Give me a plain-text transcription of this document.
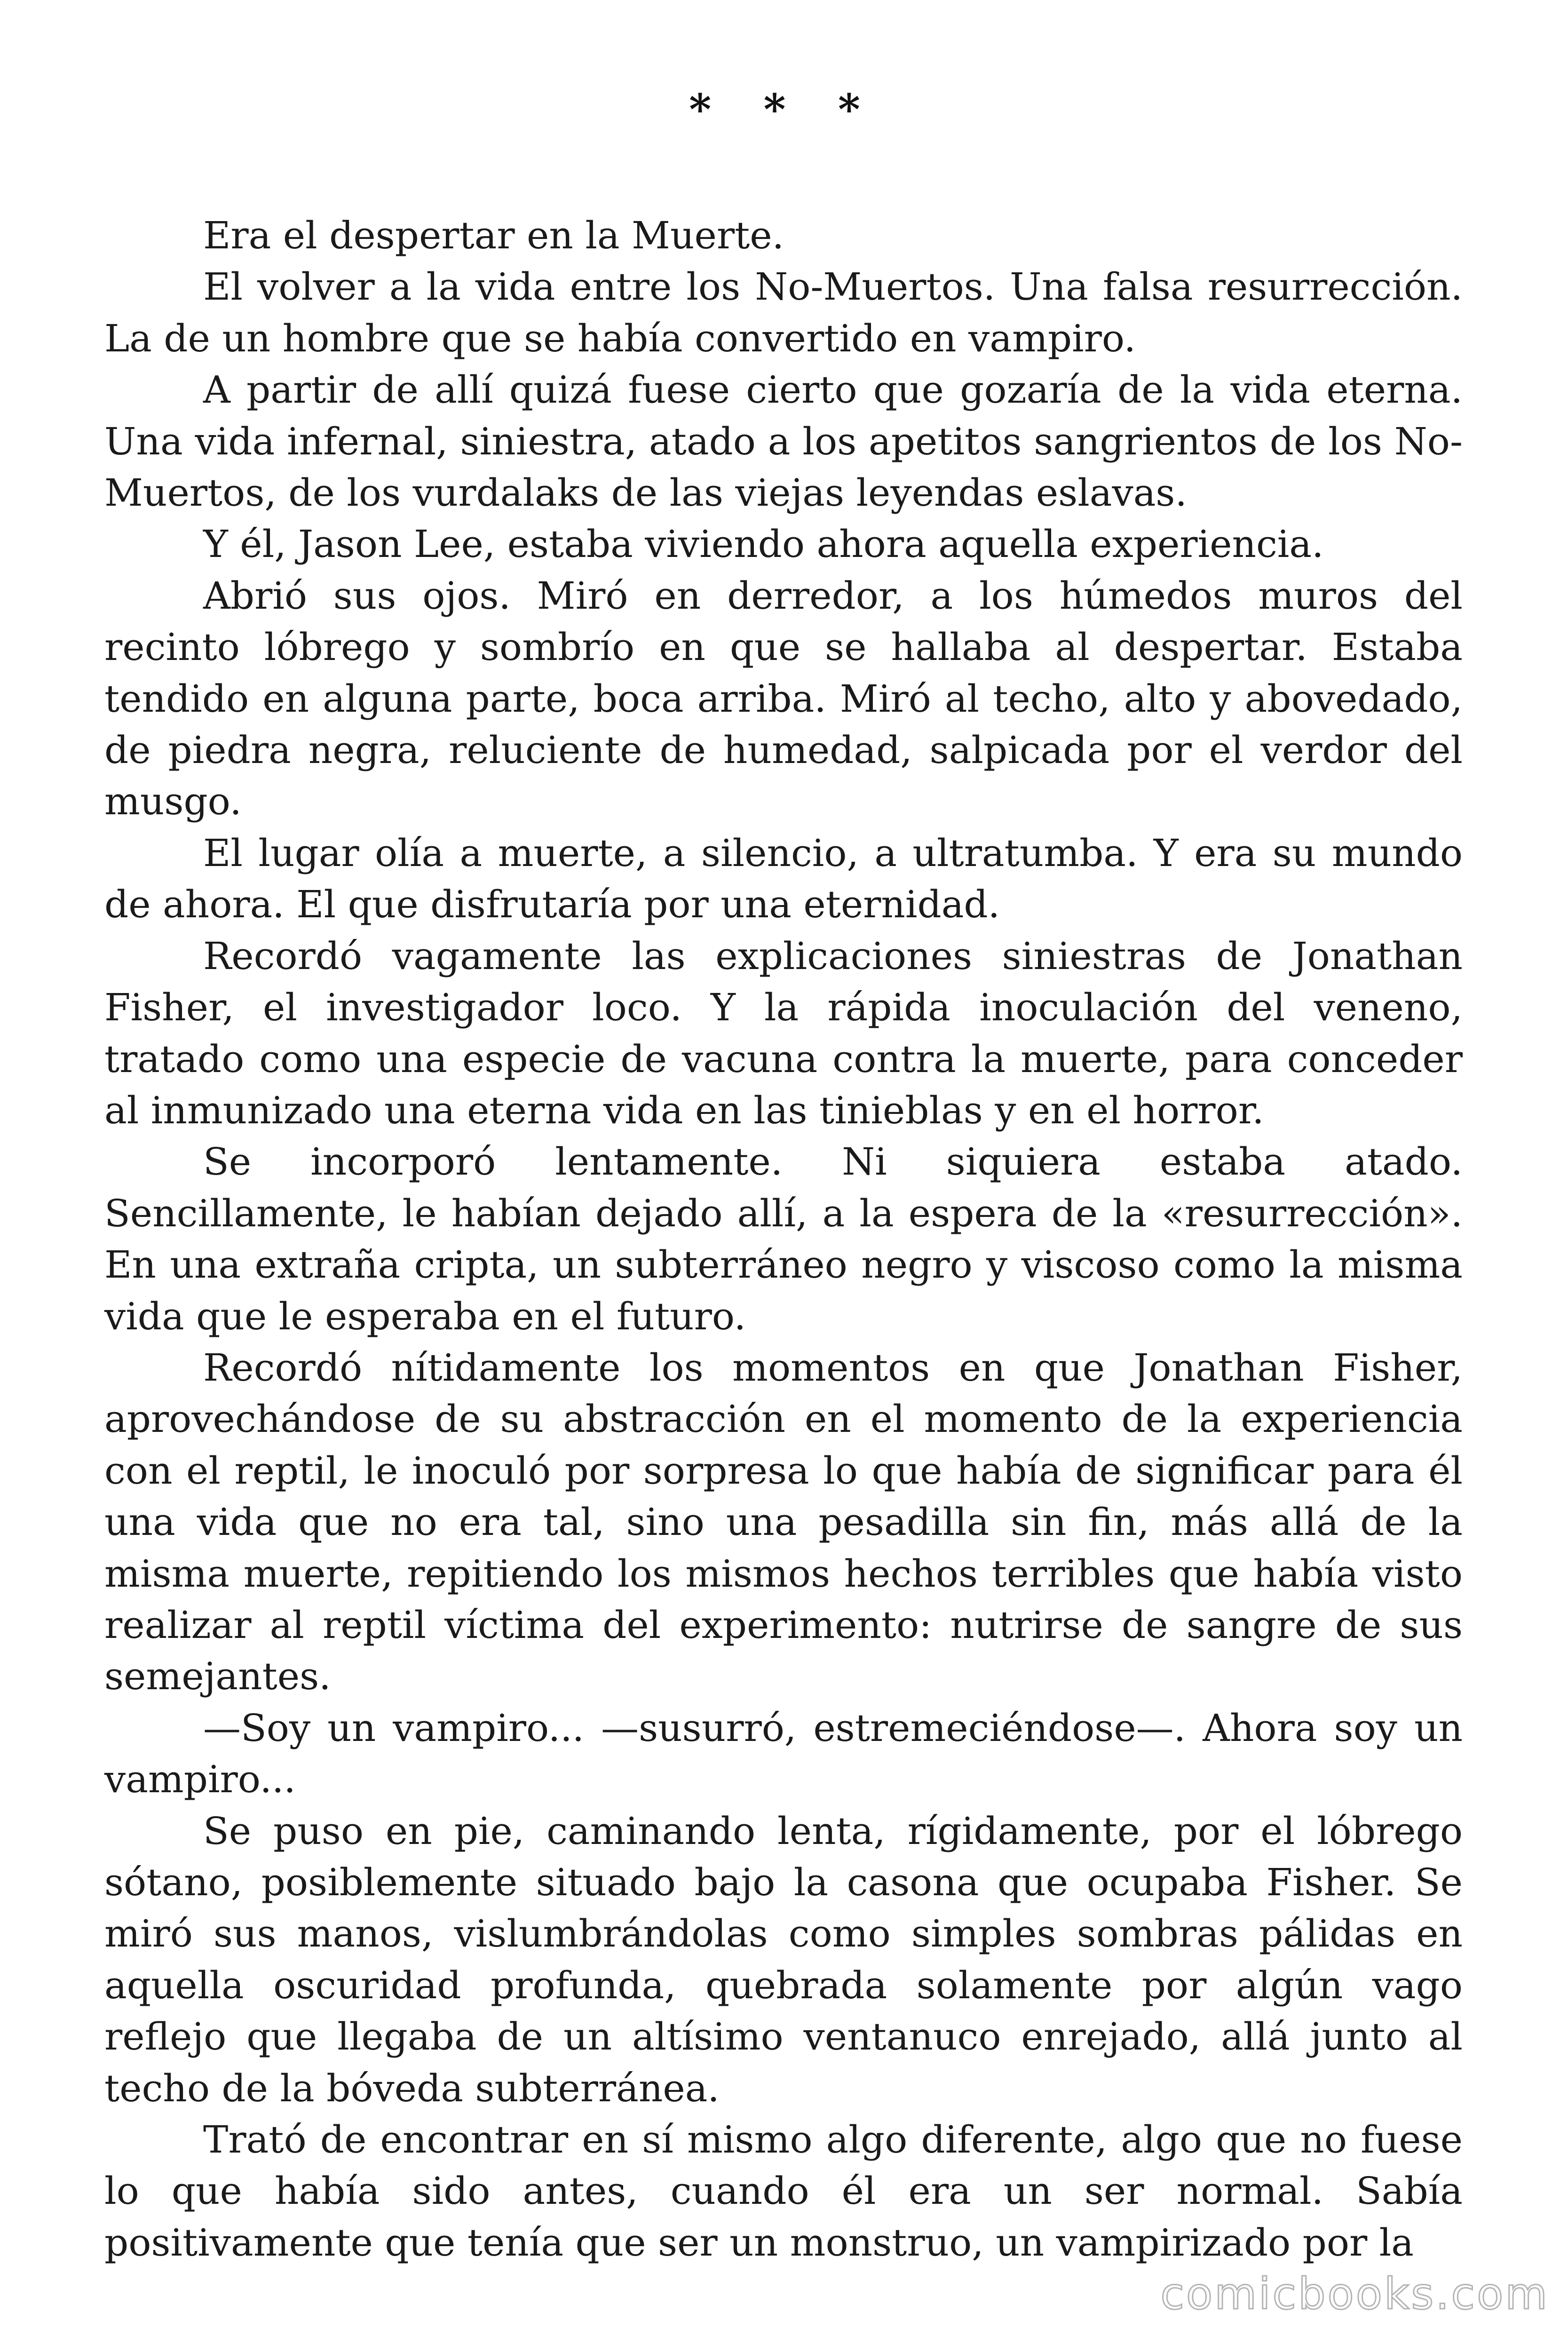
* * *

Era el despertar en la Muerte.

El volver a la vida entre los No-Muertos. Una falsa resurrección. La de un hombre que se había convertido en vampiro.

A partir de allí quizá fuese cierto que gozaría de la vida eterna. Una vida infernal, siniestra, atado a los apetitos sangrientos de los No-Muertos, de los vurdalaks de las viejas leyendas eslavas.

Y él, Jason Lee, estaba viviendo ahora aquella experiencia.

Abrió sus ojos. Miró en derredor, a los húmedos muros del recinto lóbrego y sombrío en que se hallaba al despertar. Estaba tendido en alguna parte, boca arriba. Miró al techo, alto y abovedado, de piedra negra, reluciente de humedad, salpicada por el verdor del musgo.

El lugar olía a muerte, a silencio, a ultratumba. Y era su mundo de ahora. El que disfrutaría por una eternidad.

Recordó vagamente las explicaciones siniestras de Jonathan Fisher, el investigador loco. Y la rápida inoculación del veneno, tratado como una especie de vacuna contra la muerte, para conceder al inmunizado una eterna vida en las tinieblas y en el horror.

Se incorporó lentamente. Ni siquiera estaba atado. Sencillamente, le habían dejado allí, a la espera de la «resurrección». En una extraña cripta, un subterráneo negro y viscoso como la misma vida que le esperaba en el futuro.

Recordó nítidamente los momentos en que Jonathan Fisher, aprovechándose de su abstracción en el momento de la experiencia con el reptil, le inoculó por sorpresa lo que había de significar para él una vida que no era tal, sino una pesadilla sin fin, más allá de la misma muerte, repitiendo los mismos hechos terribles que había visto realizar al reptil víctima del experimento: nutrirse de sangre de sus semejantes.

—Soy un vampiro... —susurró, estremeciéndose—. Ahora soy un vampiro...

Se puso en pie, caminando lenta, rígidamente, por el lóbrego sótano, posiblemente situado bajo la casona que ocupaba Fisher. Se miró sus manos, vislumbrándolas como simples sombras pálidas en aquella oscuridad profunda, quebrada solamente por algún vago reflejo que llegaba de un altísimo ventanuco enrejado, allá junto al techo de la bóveda subterránea.

Trató de encontrar en sí mismo algo diferente, algo que no fuese lo que había sido antes, cuando él era un ser normal. Sabía positivamente que tenía que ser un monstruo, un vampirizado por la

comicbooks.com
